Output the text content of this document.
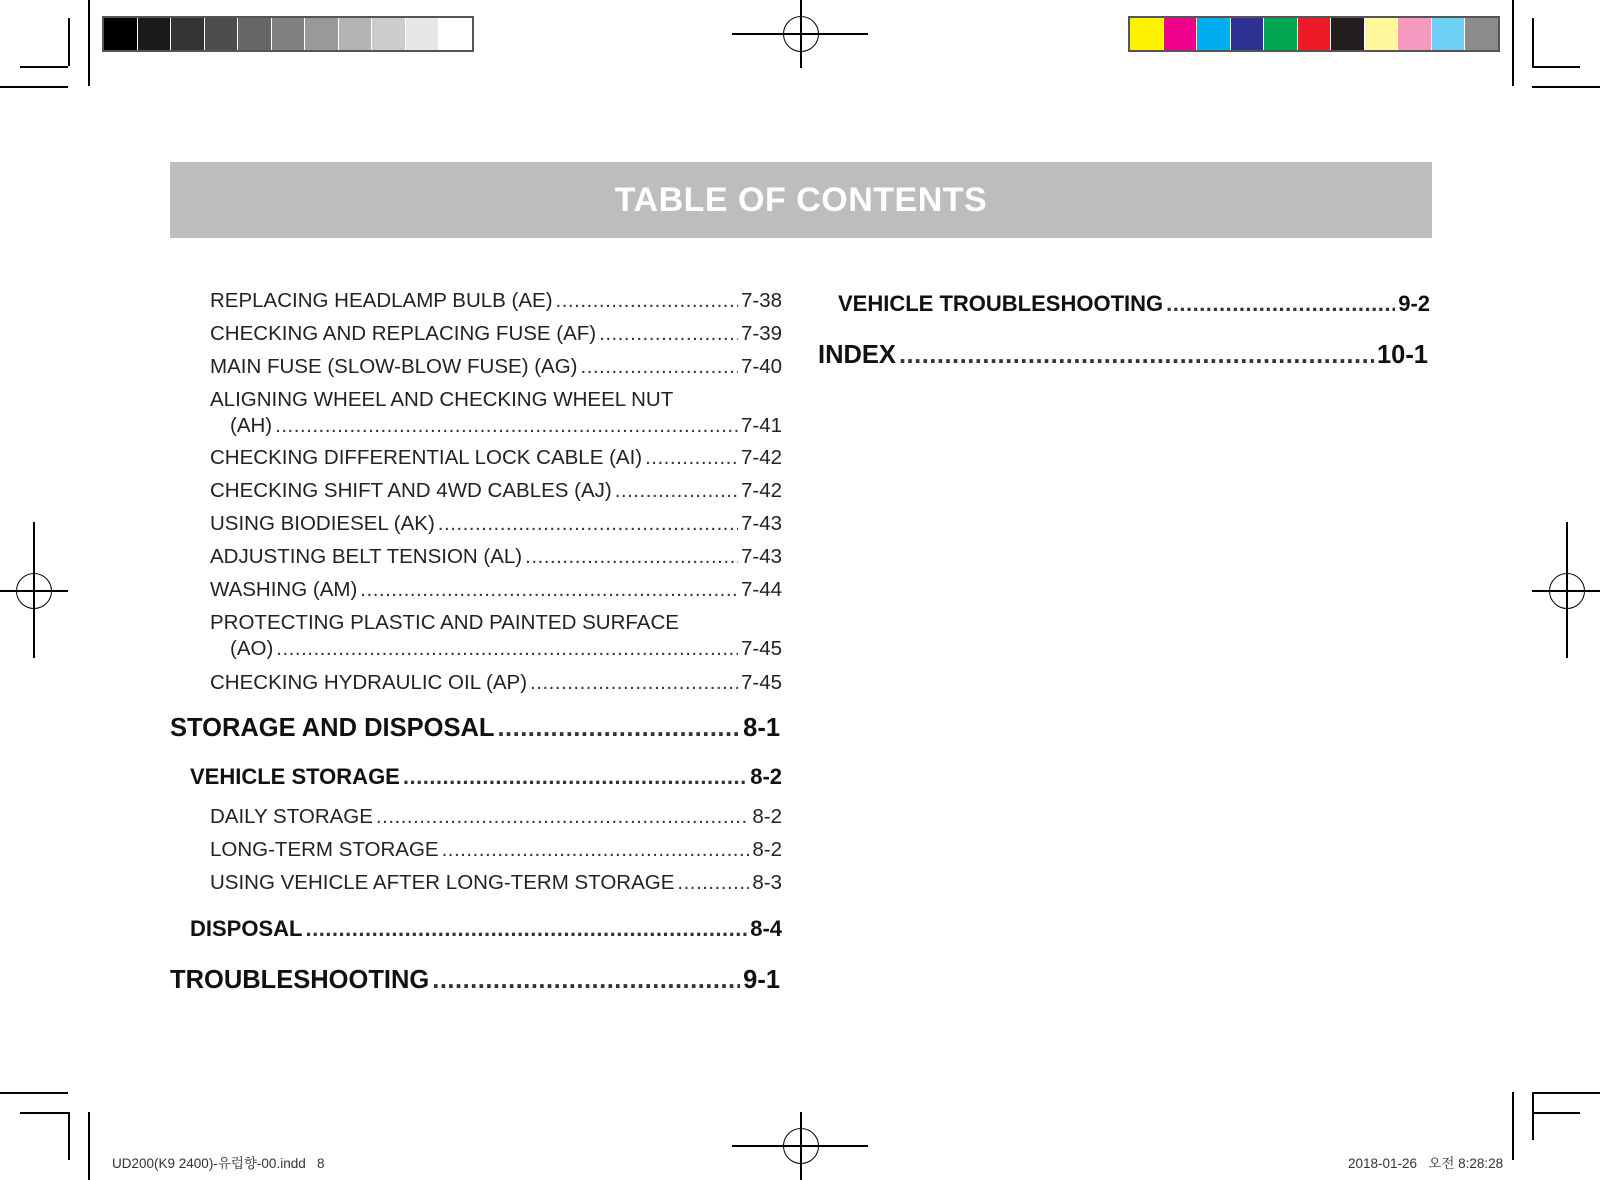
TABLE OF CONTENTS
REPLACING HEADLAMP BULB (AE) .....	7-38
CHECKING AND REPLACING FUSE (AF) .....	7-39
MAIN FUSE (SLOW-BLOW FUSE) (AG) .....	7-40
ALIGNING WHEEL AND CHECKING WHEEL NUT
(AH) .....	7-41
CHECKING DIFFERENTIAL LOCK CABLE (AI) .....	7-42
CHECKING SHIFT AND 4WD CABLES (AJ) .....	7-42
USING BIODIESEL (AK) .....	7-43
ADJUSTING BELT TENSION (AL) .....	7-43
WASHING (AM) .....	7-44
PROTECTING PLASTIC AND PAINTED SURFACE
(AO) .....	7-45
CHECKING HYDRAULIC OIL (AP) .....	7-45
STORAGE AND DISPOSAL .....	8-1
VEHICLE STORAGE .....	8-2
DAILY STORAGE .....	8-2
LONG-TERM STORAGE .....	8-2
USING VEHICLE AFTER LONG-TERM STORAGE .....	8-3
DISPOSAL .....	8-4
TROUBLESHOOTING .....	9-1
VEHICLE TROUBLESHOOTING .....	9-2
INDEX .....	10-1
UD200(K9 2400)-유럽향-00.indd   8	2018-01-26   오전 8:28:28
